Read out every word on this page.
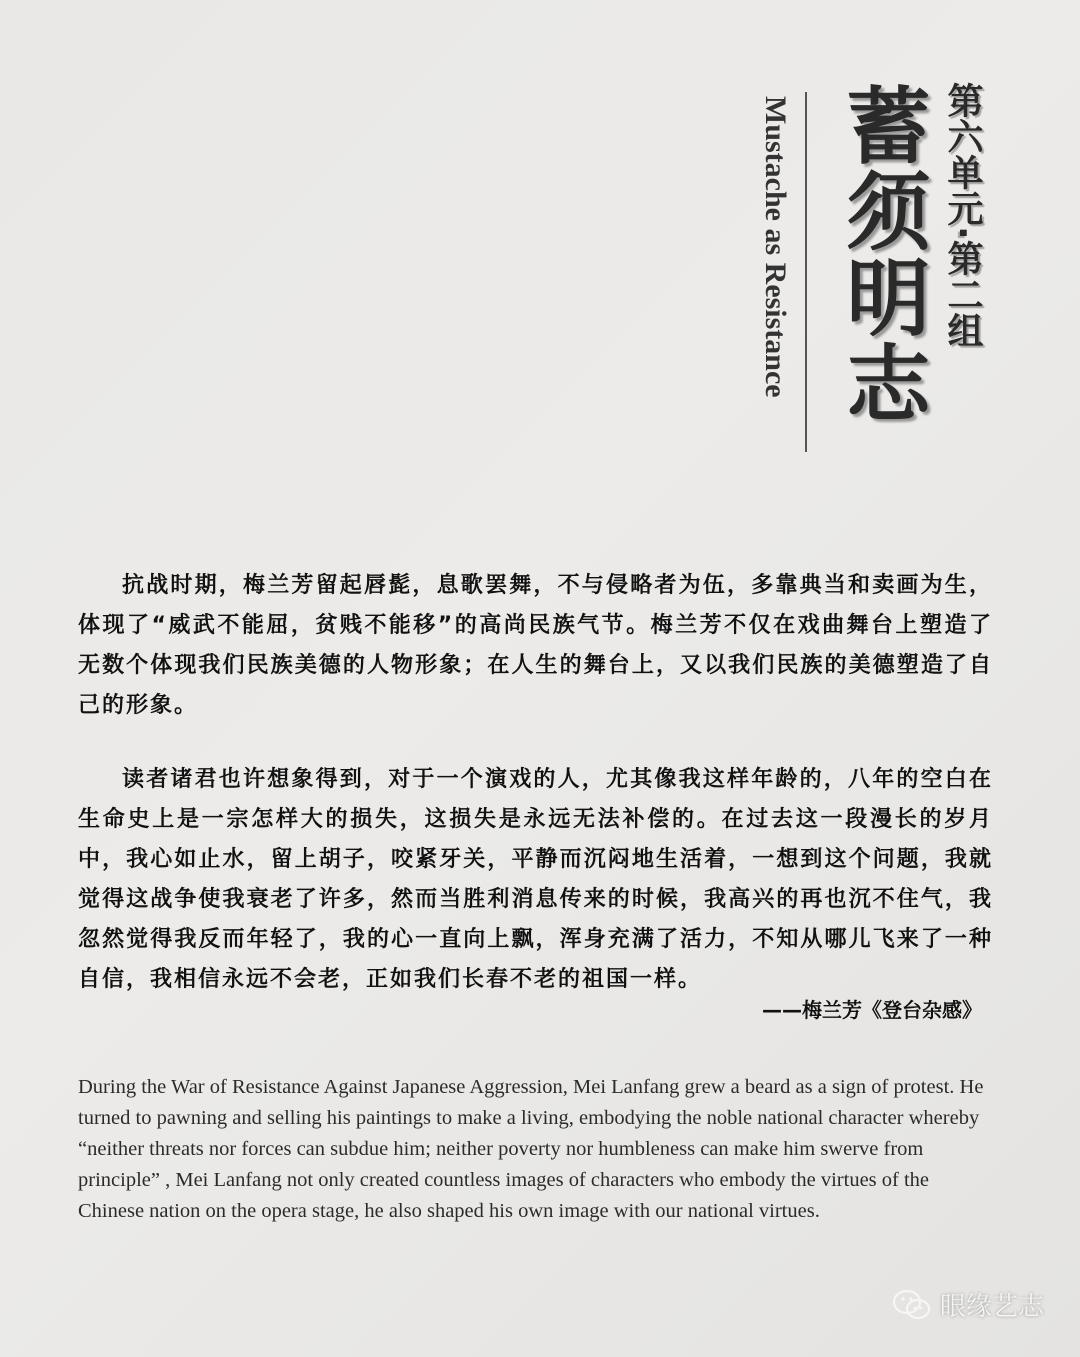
第六单元·第二组
蓄须明志
Mustache as Resistance

抗战时期，梅兰芳留起唇髭，息歌罢舞，不与侵略者为伍，多靠典当和卖画为生，体现了“威武不能屈，贫贱不能移”的高尚民族气节。梅兰芳不仅在戏曲舞台上塑造了无数个体现我们民族美德的人物形象；在人生的舞台上，又以我们民族的美德塑造了自己的形象。

读者诸君也许想象得到，对于一个演戏的人，尤其像我这样年龄的，八年的空白在生命史上是一宗怎样大的损失，这损失是永远无法补偿的。在过去这一段漫长的岁月中，我心如止水，留上胡子，咬紧牙关，平静而沉闷地生活着，一想到这个问题，我就觉得这战争使我衰老了许多，然而当胜利消息传来的时候，我高兴的再也沉不住气，我忽然觉得我反而年轻了，我的心一直向上飘，浑身充满了活力，不知从哪儿飞来了一种自信，我相信永远不会老，正如我们长春不老的祖国一样。

——梅兰芳《登台杂感》

During the War of Resistance Against Japanese Aggression, Mei Lanfang grew a beard as a sign of protest. He turned to pawning and selling his paintings to make a living, embodying the noble national character whereby “neither threats nor forces can subdue him; neither poverty nor humbleness can make him swerve from principle” , Mei Lanfang not only created countless images of characters who embody the virtues of the Chinese nation on the opera stage, he also shaped his own image with our national virtues.

眼缘艺志
